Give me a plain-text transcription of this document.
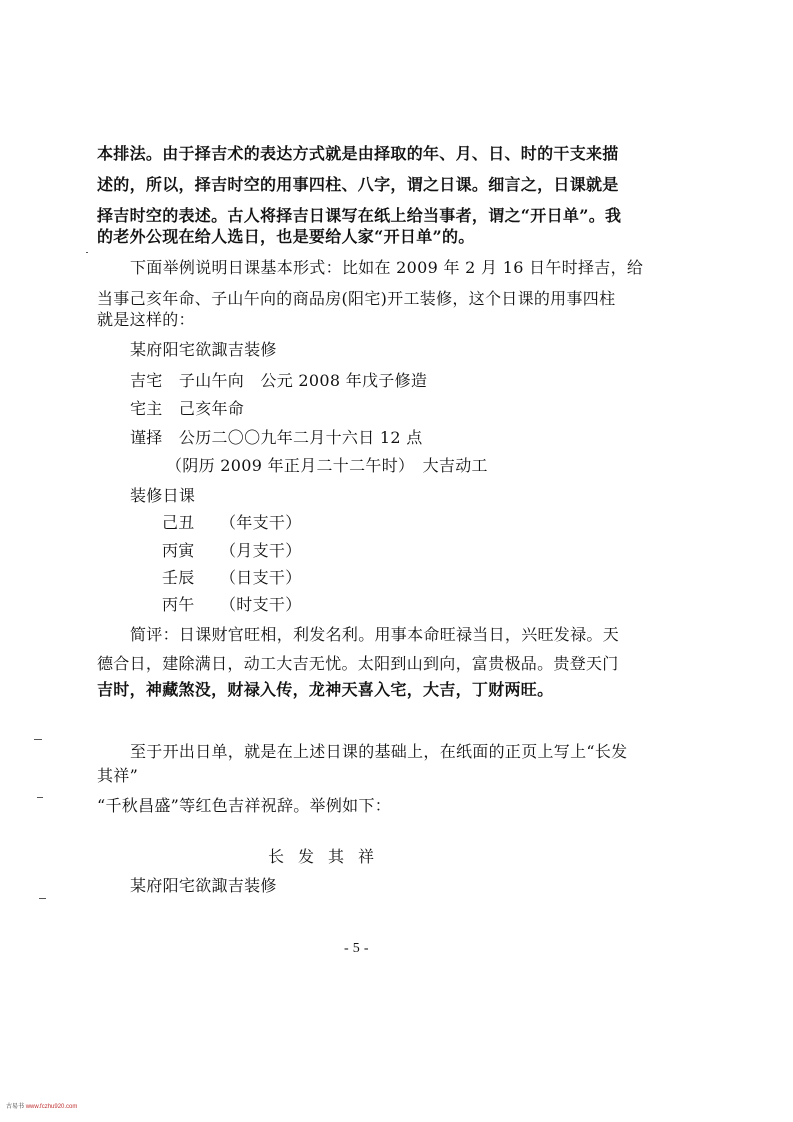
本排法。由于择吉术的表达方式就是由择取的年、月、日、时的干支来描
述的，所以，择吉时空的用事四柱、八字，谓之日课。细言之，日课就是
择吉时空的表述。古人将择吉日课写在纸上给当事者，谓之“开日单”。我
的老外公现在给人选日，也是要给人家“开日单”的。
下面举例说明日课基本形式：比如在 2009 年 2 月 16 日午时择吉，给
当事己亥年命、子山午向的商品房(阳宅)开工装修，这个日课的用事四柱
就是这样的：
某府阳宅欲諏吉装修
吉宅　子山午向　公元 2008 年戊子修造
宅主　己亥年命
谨择　公历二〇〇九年二月十六日 12 点
（阴历 2009 年正月二十二午时）　大吉动工
装修日课
己丑 （年支干）
丙寅 （月支干）
壬辰 （日支干）
丙午 （时支干）
简评：日课财官旺相，利发名利。用事本命旺禄当日，兴旺发禄。天
德合日，建除满日，动工大吉无忧。太阳到山到向，富贵极品。贵登天门
吉时，神藏煞没，财禄入传，龙神天喜入宅，大吉，丁财两旺。
至于开出日单，就是在上述日课的基础上，在纸面的正页上写上“长发
其祥”
“千秋昌盛”等红色吉祥祝辞。举例如下：
长发其祥
某府阳宅欲諏吉装修
- 5 -
古易书 www.fczhu920.com
